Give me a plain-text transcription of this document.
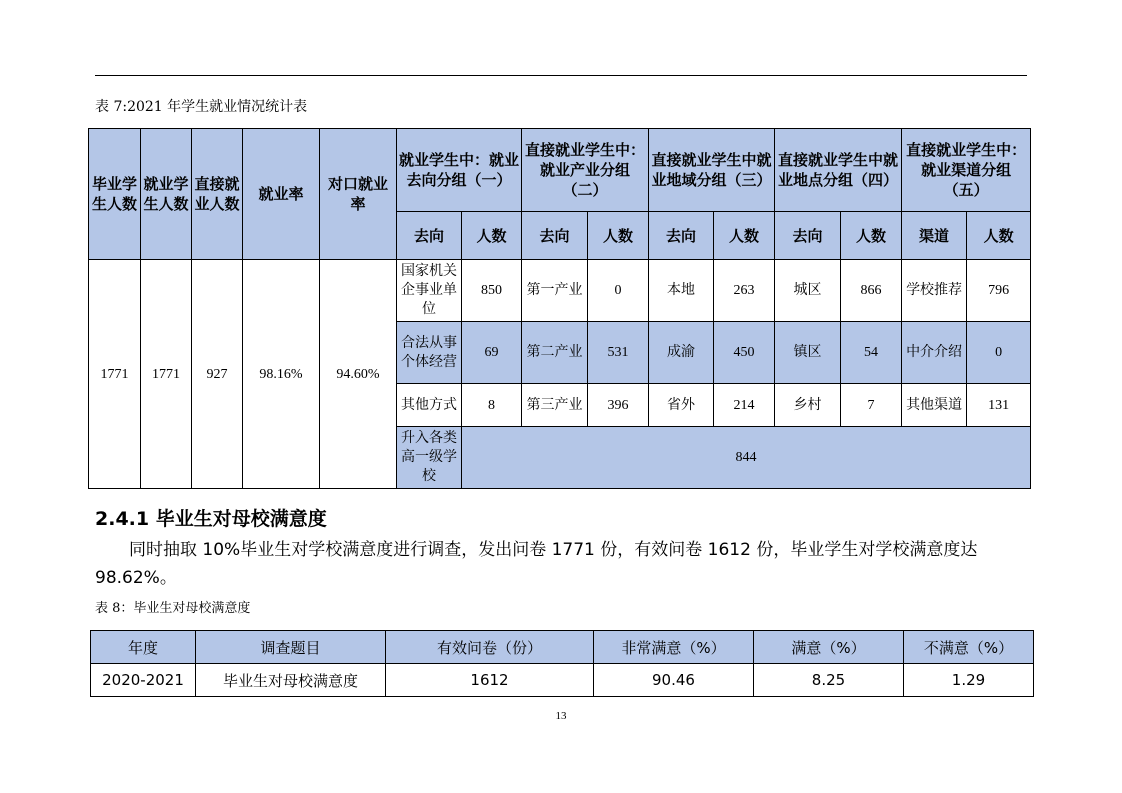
表 7:2021 年学生就业情况统计表
毕业学生人数	就业学生人数	直接就业人数	就业率	对口就业率	就业学生中：就业去向分组（一）		直接就业学生中：就业产业分组（二）		直接就业学生中就业地域分组（三）		直接就业学生中就业地点分组（四）		直接就业学生中：就业渠道分组（五）	
					去向	人数	去向	人数	去向	人数	去向	人数	渠道	人数
1771	1771	927	98.16%	94.60%	国家机关企事业单位	850	第一产业	0	本地	263	城区	866	学校推荐	796
					合法从事个体经营	69	第二产业	531	成渝	450	镇区	54	中介介绍	0
					其他方式	8	第三产业	396	省外	214	乡村	7	其他渠道	131
					升入各类高一级学校	844								
2.4.1 毕业生对母校满意度
同时抽取 10%毕业生对学校满意度进行调查，发出问卷 1771 份，有效问卷 1612 份，毕业学生对学校满意度达 98.62%。
表 8：毕业生对母校满意度
年度	调查题目	有效问卷（份）	非常满意（%）	满意（%）	不满意（%）
2020-2021	毕业生对母校满意度	1612	90.46	8.25	1.29
13
